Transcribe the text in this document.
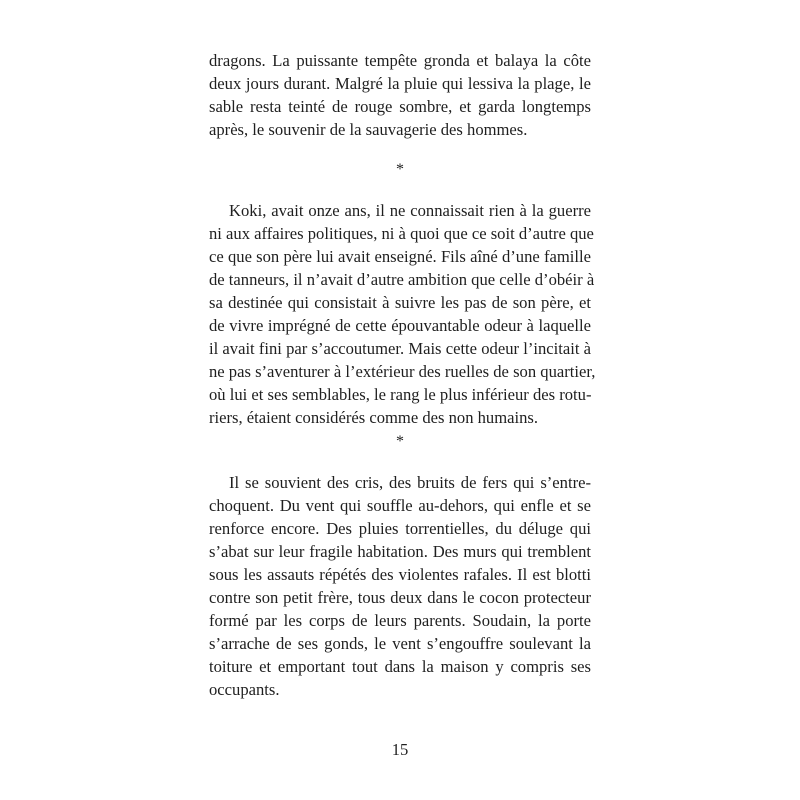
dragons. La puissante tempête gronda et balaya la côte
deux jours durant. Malgré la pluie qui lessiva la plage, le
sable resta teinté de rouge sombre, et garda longtemps
après, le souvenir de la sauvagerie des hommes.
*
Koki, avait onze ans, il ne connaissait rien à la guerre
ni aux affaires politiques, ni à quoi que ce soit d’autre que
ce que son père lui avait enseigné. Fils aîné d’une famille
de tanneurs, il n’avait d’autre ambition que celle d’obéir à
sa destinée qui consistait à suivre les pas de son père, et
de vivre imprégné de cette épouvantable odeur à laquelle
il avait fini par s’accoutumer. Mais cette odeur l’incitait à
ne pas s’aventurer à l’extérieur des ruelles de son quartier,
où lui et ses semblables, le rang le plus inférieur des rotu-
riers, étaient considérés comme des non humains.
*
Il se souvient des cris, des bruits de fers qui s’entre-
choquent. Du vent qui souffle au-dehors, qui enfle et se
renforce encore. Des pluies torrentielles, du déluge qui
s’abat sur leur fragile habitation. Des murs qui tremblent
sous les assauts répétés des violentes rafales. Il est blotti
contre son petit frère, tous deux dans le cocon protecteur
formé par les corps de leurs parents. Soudain, la porte
s’arrache de ses gonds, le vent s’engouffre soulevant la
toiture et emportant tout dans la maison y compris ses
occupants.
15
